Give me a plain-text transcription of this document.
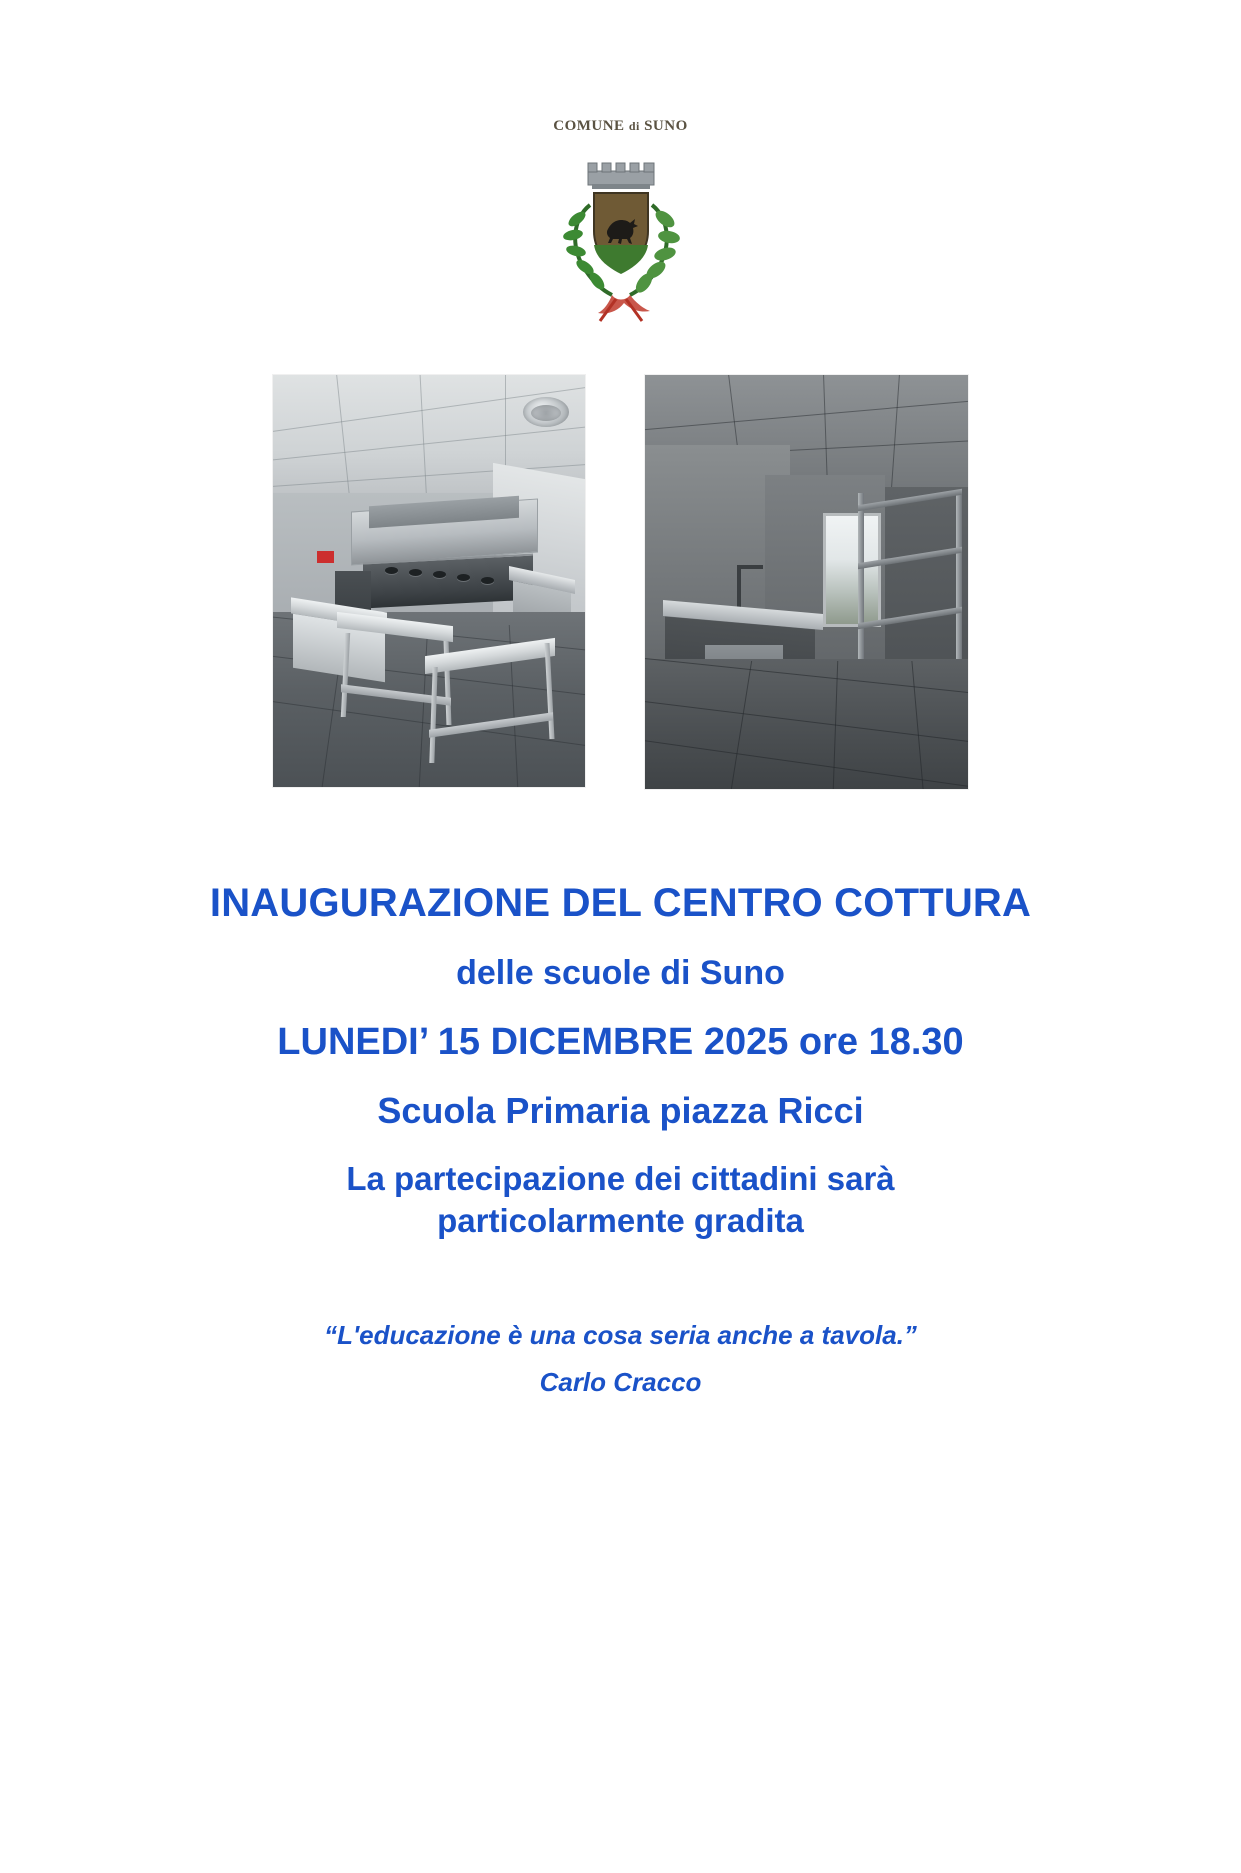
COMUNE di SUNO
INAUGURAZIONE DEL CENTRO COTTURA
delle scuole di Suno
LUNEDI’ 15 DICEMBRE 2025 ore 18.30
Scuola Primaria piazza Ricci
La partecipazione dei cittadini sarà
particolarmente gradita
“L'educazione è una cosa seria anche a tavola.”
Carlo Cracco
